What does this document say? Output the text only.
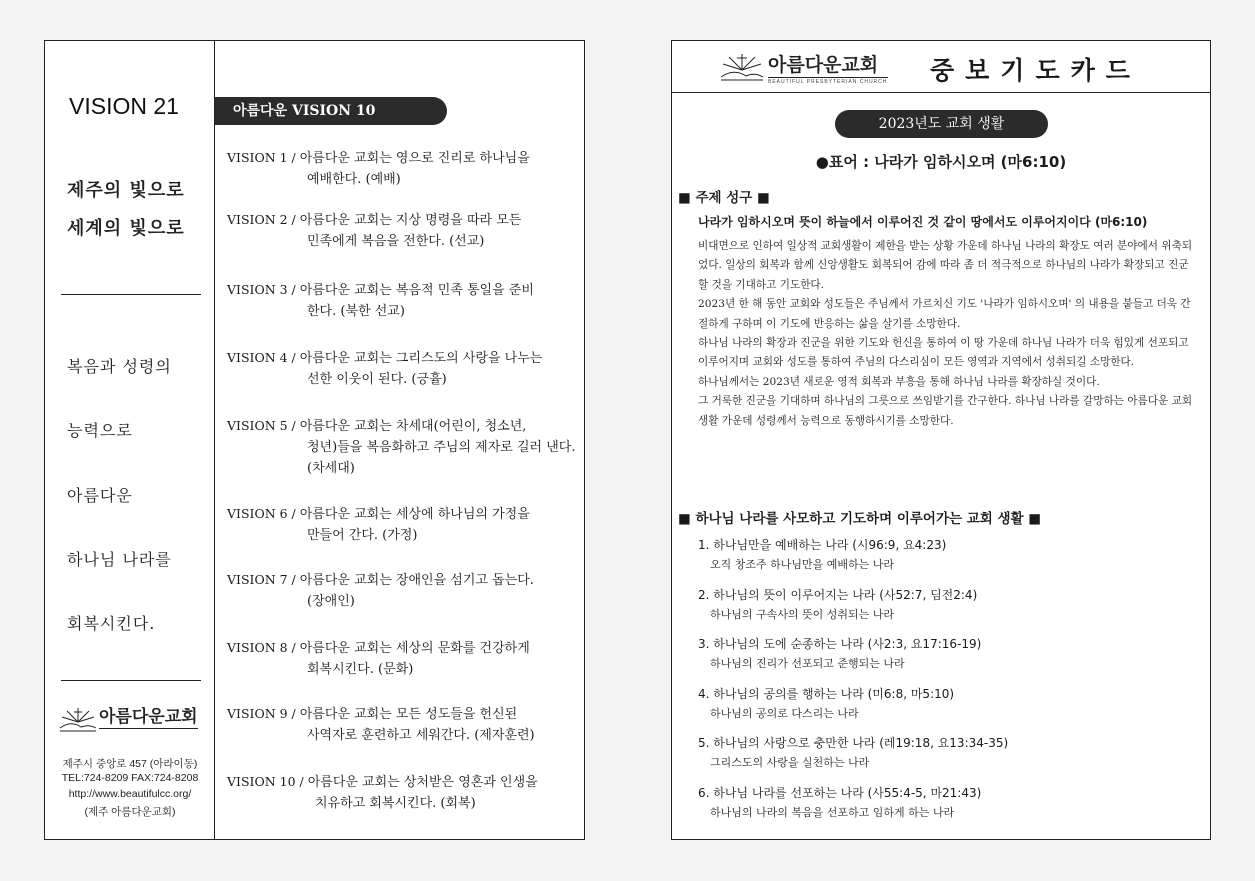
VISION 21
제주의 빛으로
세계의 빛으로
복음과 성령의
능력으로
아름다운
하나님 나라를
회복시킨다.
아름다운교회
제주시 중앙로 457 (아라이동)
TEL:724-8209 FAX:724-8208
http://www.beautifulcc.org/
(제주 아름다운교회)
아름다운 VISION 10
VISION 1 / 아름다운 교회는 영으로 진리로 하나님을
예배한다. (예배)
VISION 2 / 아름다운 교회는 지상 명령을 따라 모든
민족에게 복음을 전한다. (선교)
VISION 3 / 아름다운 교회는 복음적 민족 통일을 준비
한다. (북한 선교)
VISION 4 / 아름다운 교회는 그리스도의 사랑을 나누는
선한 이웃이 된다. (긍휼)
VISION 5 / 아름다운 교회는 차세대(어린이, 청소년,
청년)들을 복음화하고 주님의 제자로 길러 낸다. (차세대)
VISION 6 / 아름다운 교회는 세상에 하나님의 가정을
만들어 간다. (가정)
VISION 7 / 아름다운 교회는 장애인을 섬기고 돕는다.
(장애인)
VISION 8 / 아름다운 교회는 세상의 문화를 건강하게
회복시킨다. (문화)
VISION 9 / 아름다운 교회는 모든 성도들을 헌신된
사역자로 훈련하고 세워간다. (제자훈련)
VISION 10 / 아름다운 교회는 상처받은 영혼과 인생을
치유하고 회복시킨다. (회복)
아름다운교회
BEAUTIFUL PRESBYTERIAN CHURCH 중보기도카드
2023년도 교회 생활
●표어 : 나라가 임하시오며 (마6:10)
■ 주제 성구 ■
나라가 임하시오며 뜻이 하늘에서 이루어진 것 같이 땅에서도 이루어지이다 (마6:10)

비대면으로 인하여 일상적 교회생활이 제한을 받는 상황 가운데 하나님 나라의 확장도 여러 분야에서 위축되었다. 일상의 회복과 함께 신앙생활도 회복되어 감에 따라 좀 더 적극적으로 하나님의 나라가 확장되고 진군할 것을 기대하고 기도한다.

2023년 한 해 동안 교회와 성도들은 주님께서 가르치신 기도 '나라가 임하시오며' 의 내용을 붙들고 더욱 간절하게 구하며 이 기도에 반응하는 삶을 살기를 소망한다.

하나님 나라의 확장과 진군을 위한 기도와 헌신을 통하여 이 땅 가운데 하나님 나라가 더욱 힘있게 선포되고 이루어지며 교회와 성도를 통하여 주님의 다스리심이 모든 영역과 지역에서 성취되길 소망한다.

하나님께서는 2023년 새로운 영적 회복과 부흥을 통해 하나님 나라를 확장하실 것이다.

그 거룩한 진군을 기대하며 하나님의 그릇으로 쓰임받기를 간구한다. 하나님 나라를 갈망하는 아름다운 교회 생활 가운데 성령께서 능력으로 동행하시기를 소망한다.

■ 하나님 나라를 사모하고 기도하며 이루어가는 교회 생활 ■
1. 하나님만을 예배하는 나라 (시96:9, 요4:23)
오직 창조주 하나님만을 예배하는 나라
2. 하나님의 뜻이 이루어지는 나라 (사52:7, 딤전2:4)
하나님의 구속사의 뜻이 성취되는 나라
3. 하나님의 도에 순종하는 나라 (사2:3, 요17:16-19)
하나님의 진리가 선포되고 준행되는 나라
4. 하나님의 공의를 행하는 나라 (미6:8, 마5:10)
하나님의 공의로 다스리는 나라
5. 하나님의 사랑으로 충만한 나라 (레19:18, 요13:34-35)
그리스도의 사랑을 실천하는 나라
6. 하나님 나라를 선포하는 나라 (사55:4-5, 마21:43)
하나님의 나라의 복음을 선포하고 임하게 하는 나라
